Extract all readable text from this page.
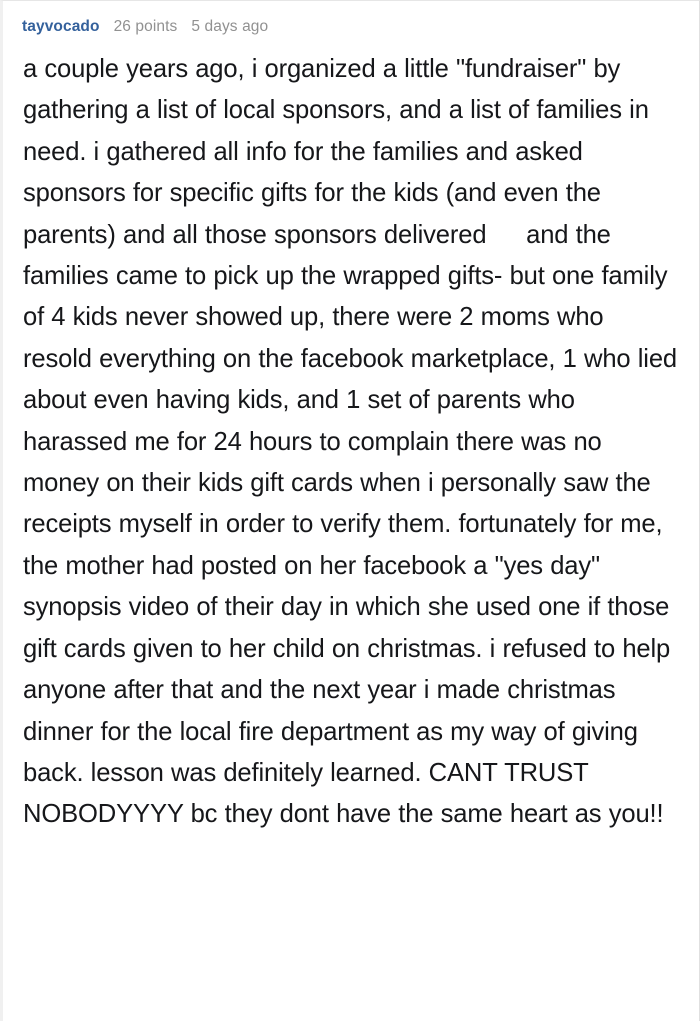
tayvocado 26 points 5 days ago
a couple years ago, i organized a little "fundraiser" by gathering a list of local sponsors, and a list of families in need. i gathered all info for the families and asked sponsors for specific gifts for the kids (and even the parents) and all those sponsors delivered and the families came to pick up the wrapped gifts- but one family of 4 kids never showed up, there were 2 moms who resold everything on the facebook marketplace, 1 who lied about even having kids, and 1 set of parents who harassed me for 24 hours to complain there was no money on their kids gift cards when i personally saw the receipts myself in order to verify them. fortunately for me, the mother had posted on her facebook a "yes day" synopsis video of their day in which she used one if those gift cards given to her child on christmas. i refused to help anyone after that and the next year i made christmas dinner for the local fire department as my way of giving back. lesson was definitely learned. CANT TRUST NOBODYYYY bc they dont have the same heart as you!!
